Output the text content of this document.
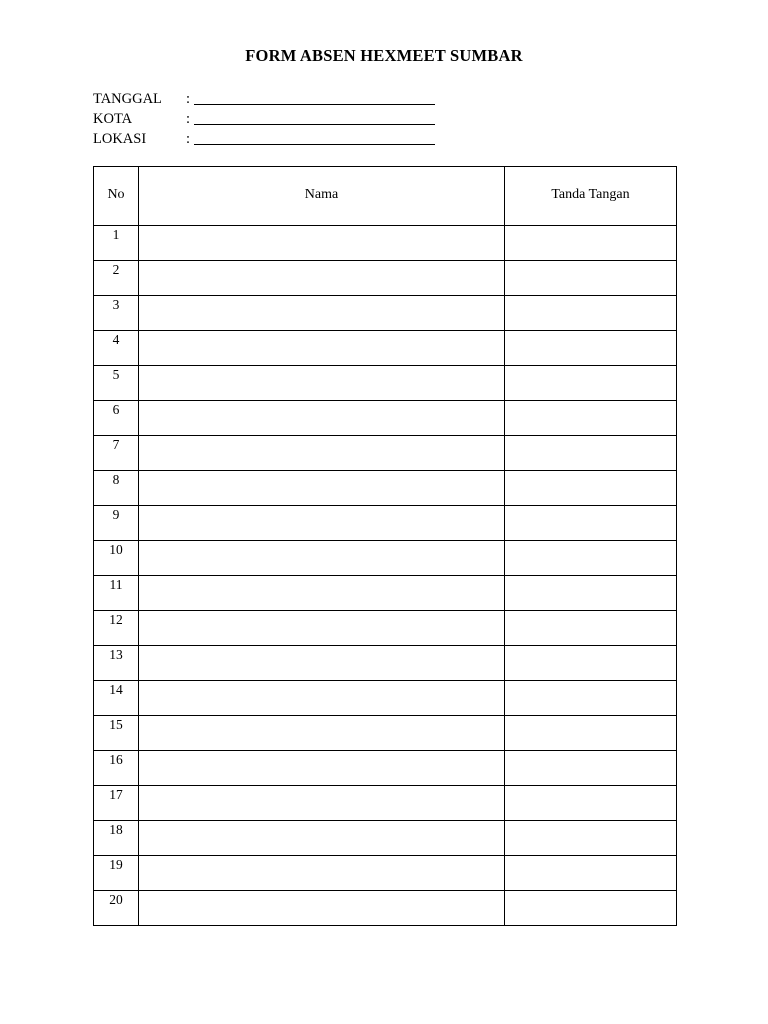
FORM ABSEN HEXMEET SUMBAR
TANGGAL	:
KOTA	:
LOKASI	:
No	Nama	Tanda Tangan
1		
2		
3		
4		
5		
6		
7		
8		
9		
10		
11		
12		
13		
14		
15		
16		
17		
18		
19		
20		
